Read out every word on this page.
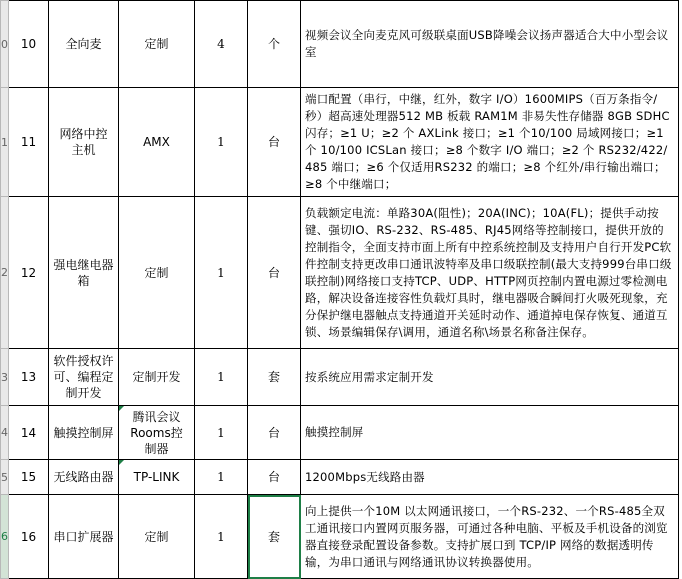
0	10	全向麦	定制	4	个	视频会议全向麦克风可级联桌面USB降噪会议扬声器适合大中小型会议室

1	11	网络中控主机	AMX	1	台	端口配置（串行，中继，红外，数字 I/O）1600MIPS（百万条指令/秒）超高速处理器512 MB 板载 RAM1M 非易失性存储器 8GB SDHC 闪存；≥1 U；≥2 个 AXLink 接口；≥1 个10/100 局域网接口；≥1 个 10/100 ICSLan 接口；≥8 个数字 I/O 端口；≥2 个 RS232/422/485 端口；≥6 个仅适用RS232 的端口；≥8 个红外/串行输出端口；≥8 个中继端口；

2	12	强电继电器箱	定制	1	台	负载额定电流：单路30A(阻性)；20A(INC)；10A(FL)；提供手动按键、强切IO、RS-232、RS-485、RJ45网络等控制接口，提供开放的控制指令，全面支持市面上所有中控系统控制及支持用户自行开发PC软件控制支持更改串口通讯波特率及串口级联控制(最大支持999台串口级联控制)网络接口支持TCP、UDP、HTTP网页控制内置电源过零检测电路，解决设备连接容性负载灯具时，继电器吸合瞬间打火吸死现象，充分保护继电器触点支持通道开关延时动作、通道掉电保存恢复、通道互锁、场景编辑保存\调用，通道名称\场景名称备注保存。

3	13	软件授权许可、编程定制开发	定制开发	1	套	按系统应用需求定制开发

4	14	触摸控制屏	腾讯会议Rooms控制器	1	台	触摸控制屏

5	15	无线路由器	TP-LINK	1	台	1200Mbps无线路由器

6	16	串口扩展器	定制	1	套	向上提供一个10M 以太网通讯接口，一个RS-232、一个RS-485全双工通讯接口内置网页服务器，可通过各种电脑、平板及手机设备的浏览器直接登录配置设备参数。支持扩展口到 TCP/IP 网络的数据透明传输，为串口通讯与网络通讯协议转换器使用。
